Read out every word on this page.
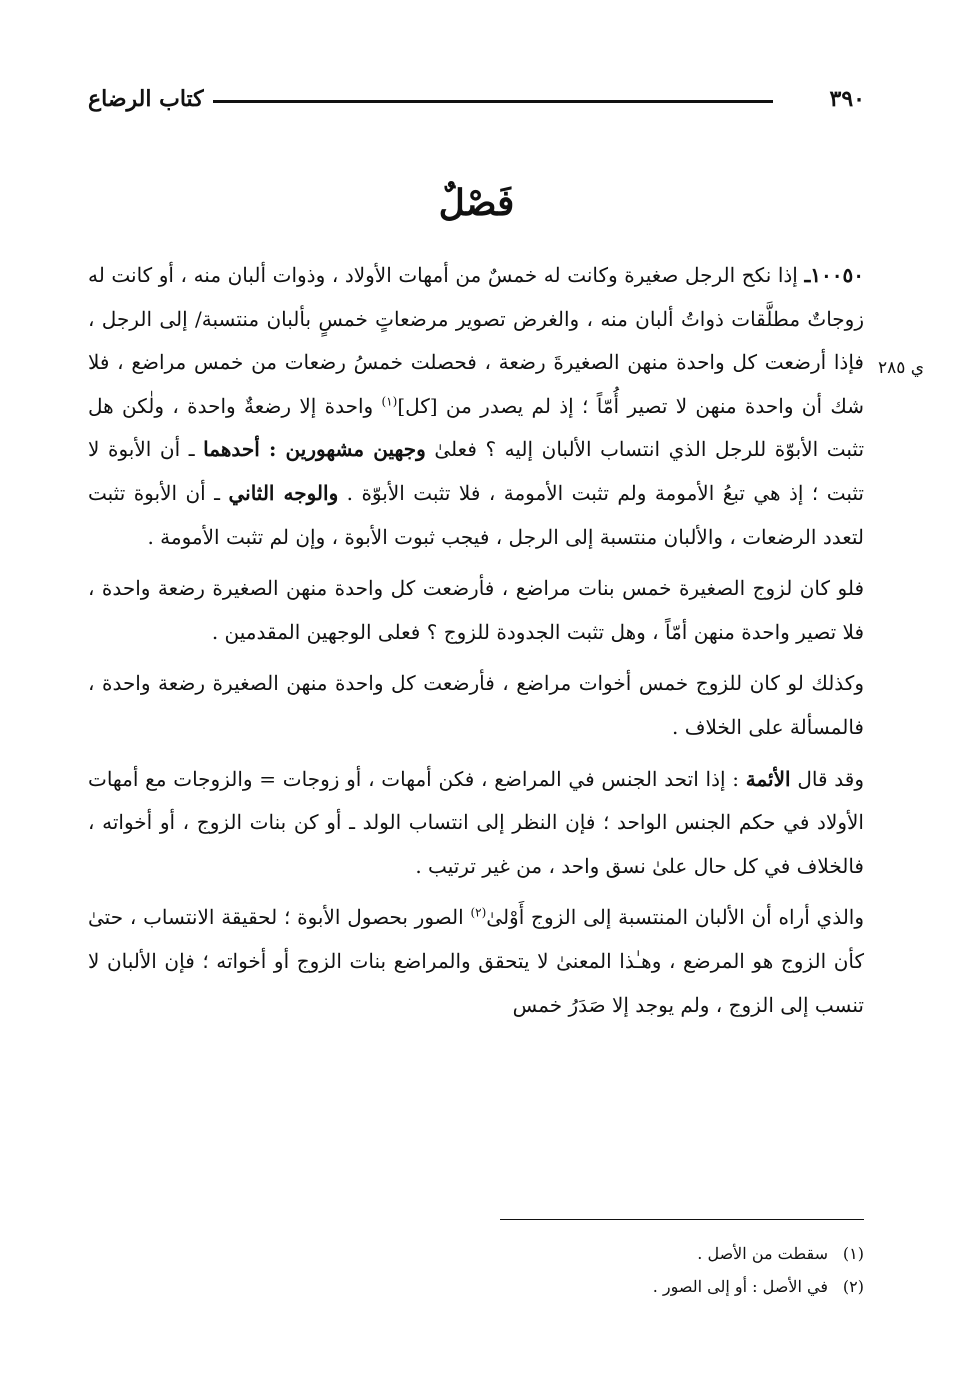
كتاب الرضاع	٣٩٠
فَصْلٌ
ي ٢٨٥

١٠٠٥٠ـ إذا نكح الرجل صغيرة وكانت له خمسٌ من أمهات الأولاد ، وذوات ألبان منه ، أو كانت له زوجاتٌ مطلَّقات ذواتُ ألبان منه ، والغرض تصوير مرضعاتٍ خمسٍ بألبان منتسبة/ إلى الرجل ، فإذا أرضعت كل واحدة منهن الصغيرةَ رضعة ، فحصلت خمسُ رضعات من خمس مراضع ، فلا شك أن واحدة منهن لا تصير أُمّاً ؛ إذ لم يصدر من [كل]$^{(١)}$ واحدة إلا رضعةٌ واحدة ، ولٰكن هل تثبت الأبوّة للرجل الذي انتساب الألبان إليه ؟ فعلىٰ وجهين مشهورين : أحدهما ـ أن الأبوة لا تثبت ؛ إذ هي تبعُ الأمومة ولم تثبت الأمومة ، فلا تثبت الأبوّة . والوجه الثاني ـ أن الأبوة تثبت لتعدد الرضعات ، والألبان منتسبة إلى الرجل ، فيجب ثبوت الأبوة ، وإن لم تثبت الأمومة .

فلو كان لزوج الصغيرة خمس بنات مراضع ، فأرضعت كل واحدة منهن الصغيرة رضعة واحدة ، فلا تصير واحدة منهن أمّاً ، وهل تثبت الجدودة للزوج ؟ فعلى الوجهين المقدمين .

وكذلك لو كان للزوج خمس أخوات مراضع ، فأرضعت كل واحدة منهن الصغيرة رضعة واحدة ، فالمسألة على الخلاف .

وقد قال الأئمة : إذا اتحد الجنس في المراضع ، فكن أمهات ، أو زوجات = والزوجات مع أمهات الأولاد في حكم الجنس الواحد ؛ فإن النظر إلى انتساب الولد ـ أو كن بنات الزوج ، أو أخواته ، فالخلاف في كل حال علىٰ نسق واحد ، من غير ترتيب .

والذي أراه أن الألبان المنتسبة إلى الزوج أَوْلىٰ$^{(٢)}$ الصور بحصول الأبوة ؛ لحقيقة الانتساب ، حتىٰ كأن الزوج هو المرضع ، وهـٰذا المعنىٰ لا يتحقق والمراضع بنات الزوج أو أخواته ؛ فإن الألبان لا تنسب إلى الزوج ، ولم يوجد إلا صَدَرُ خمس

(١)سقطت من الأصل .

(٢)في الأصل : أو إلى الصور .
